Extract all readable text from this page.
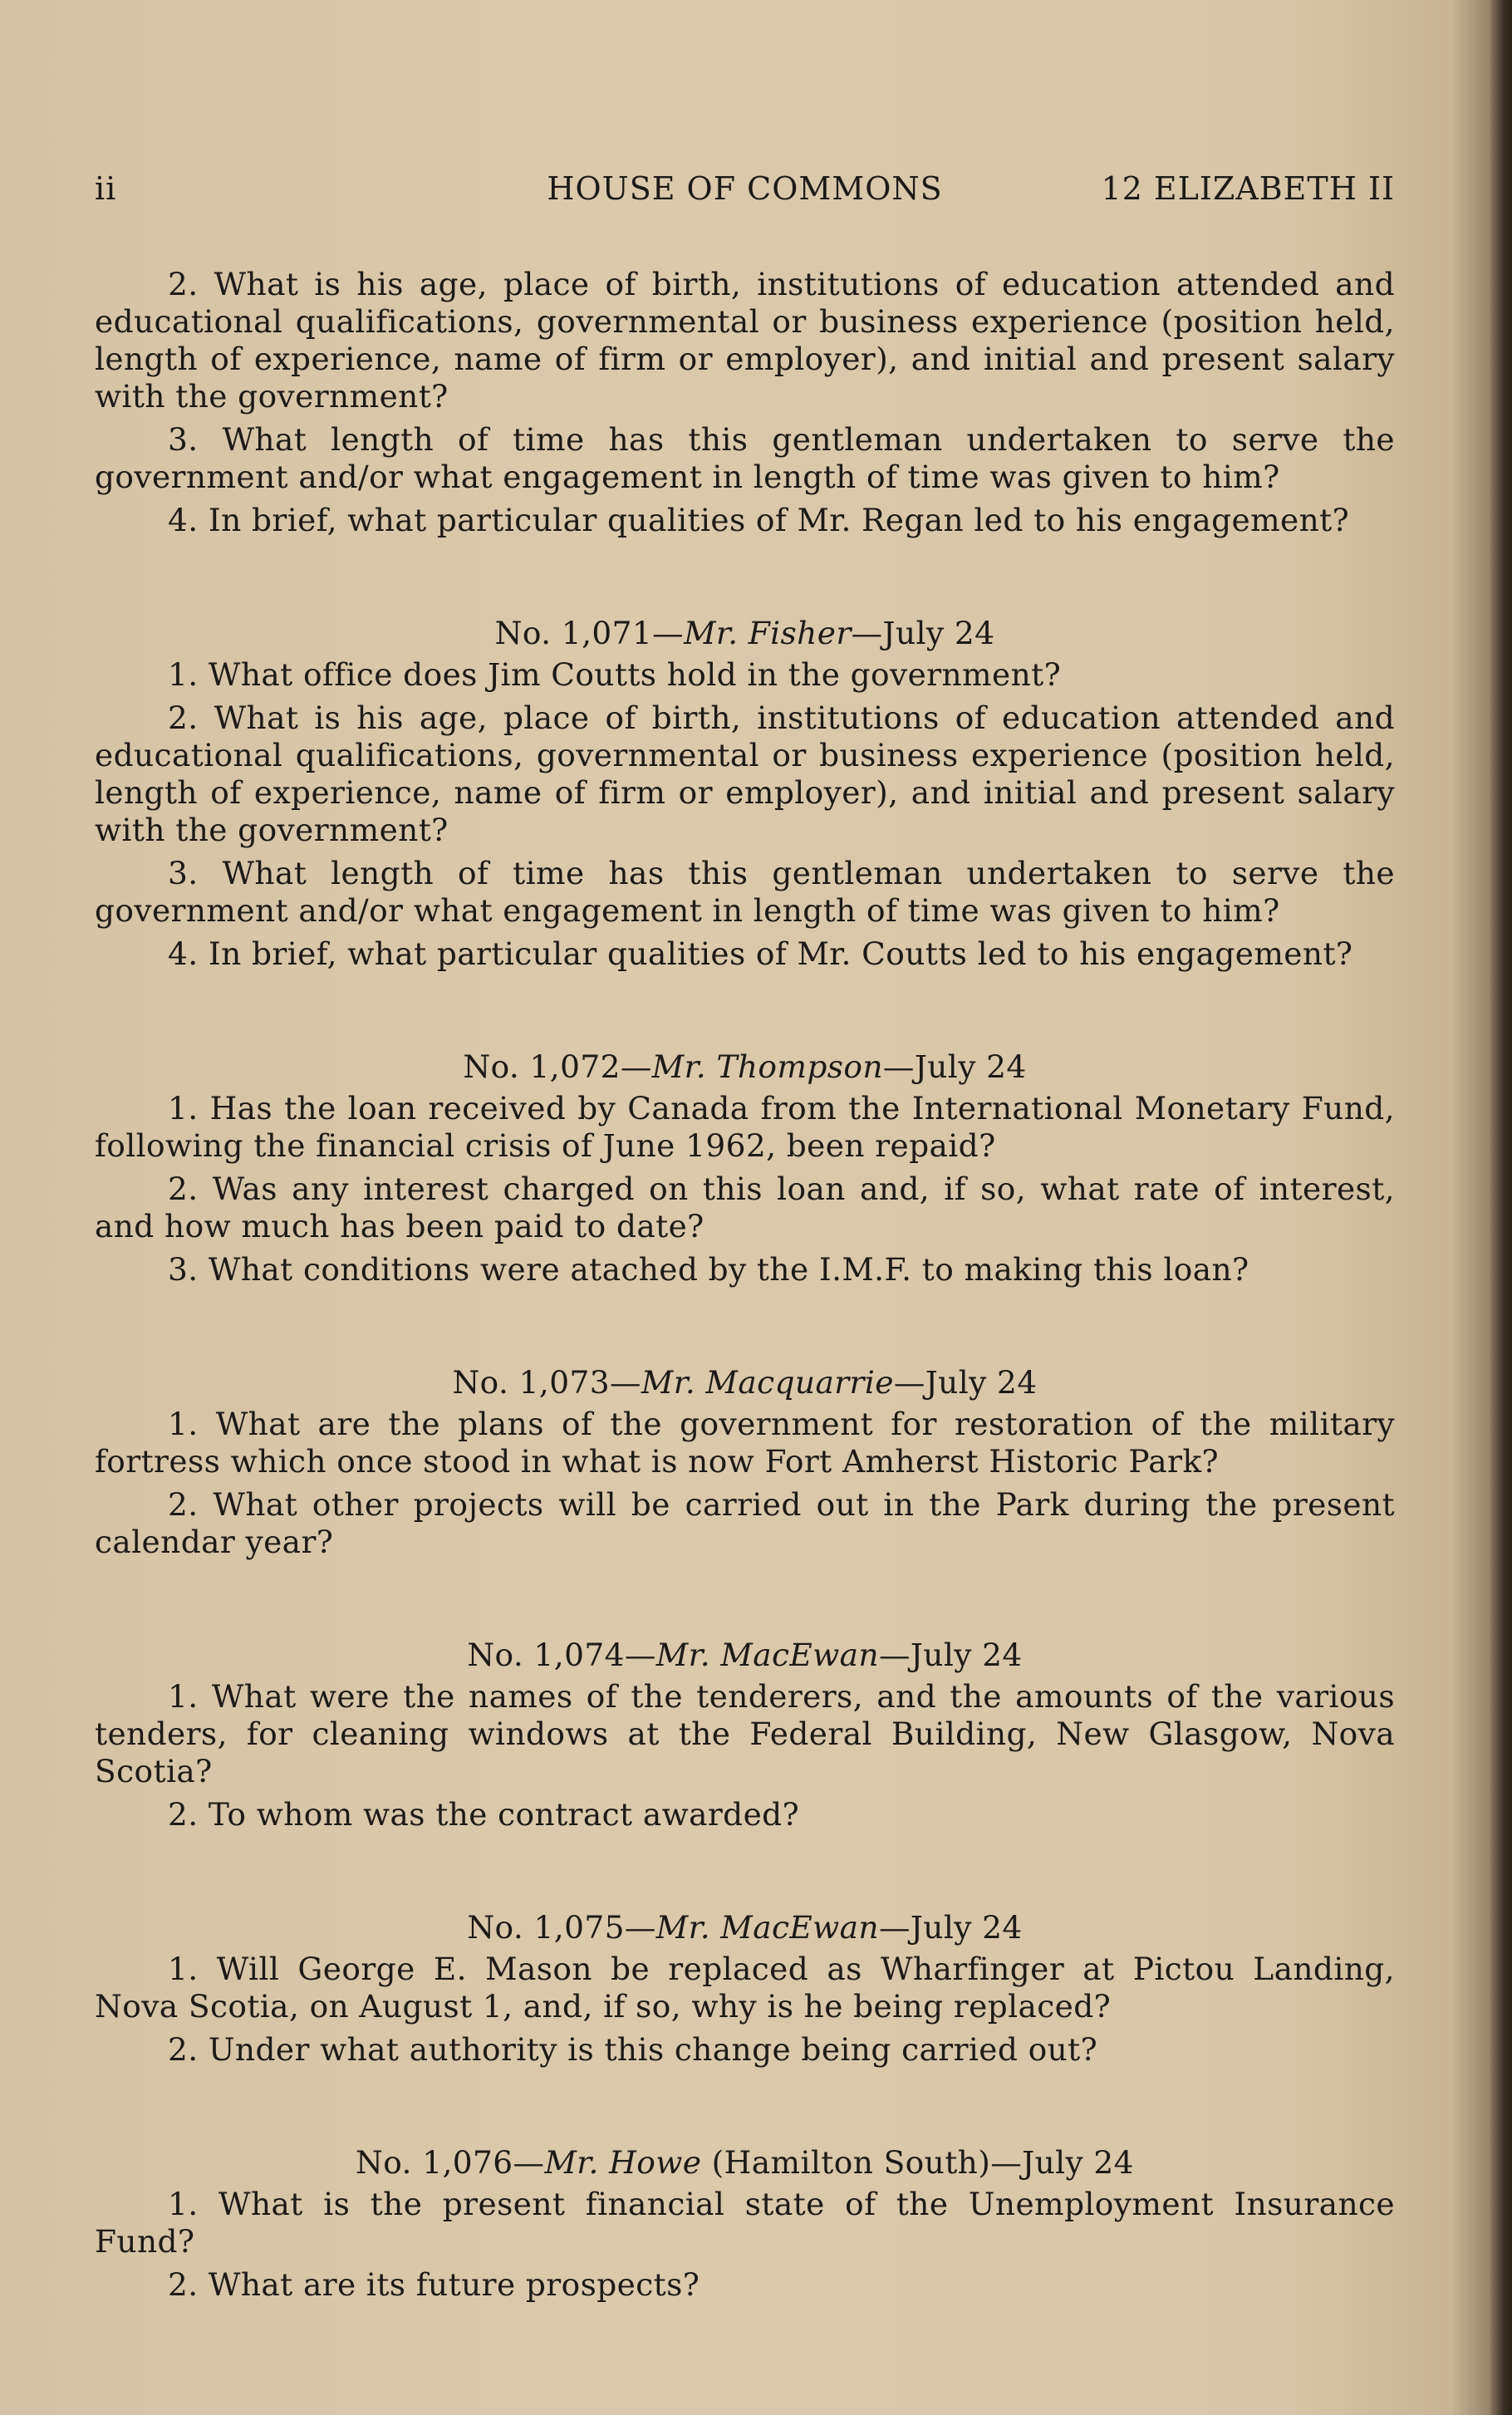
ii	HOUSE OF COMMONS	12 ELIZABETH II

2. What is his age, place of birth, institutions of education attended and educational qualifications, governmental or business experience (position held, length of experience, name of firm or employer), and initial and present salary with the government?

3. What length of time has this gentleman undertaken to serve the government and/or what engagement in length of time was given to him?

4. In brief, what particular qualities of Mr. Regan led to his engagement?

No. 1,071—Mr. Fisher—July 24

1. What office does Jim Coutts hold in the government?

2. What is his age, place of birth, institutions of education attended and educational qualifications, governmental or business experience (position held, length of experience, name of firm or employer), and initial and present salary with the government?

3. What length of time has this gentleman undertaken to serve the government and/or what engagement in length of time was given to him?

4. In brief, what particular qualities of Mr. Coutts led to his engagement?

No. 1,072—Mr. Thompson—July 24

1. Has the loan received by Canada from the International Monetary Fund, following the financial crisis of June 1962, been repaid?

2. Was any interest charged on this loan and, if so, what rate of interest, and how much has been paid to date?

3. What conditions were atached by the I.M.F. to making this loan?

No. 1,073—Mr. Macquarrie—July 24

1. What are the plans of the government for restoration of the military fortress which once stood in what is now Fort Amherst Historic Park?

2. What other projects will be carried out in the Park during the present calendar year?

No. 1,074—Mr. MacEwan—July 24

1. What were the names of the tenderers, and the amounts of the various tenders, for cleaning windows at the Federal Building, New Glasgow, Nova Scotia?

2. To whom was the contract awarded?

No. 1,075—Mr. MacEwan—July 24

1. Will George E. Mason be replaced as Wharfinger at Pictou Landing, Nova Scotia, on August 1, and, if so, why is he being replaced?

2. Under what authority is this change being carried out?

No. 1,076—Mr. Howe (Hamilton South)—July 24

1. What is the present financial state of the Unemployment Insurance Fund?

2. What are its future prospects?
